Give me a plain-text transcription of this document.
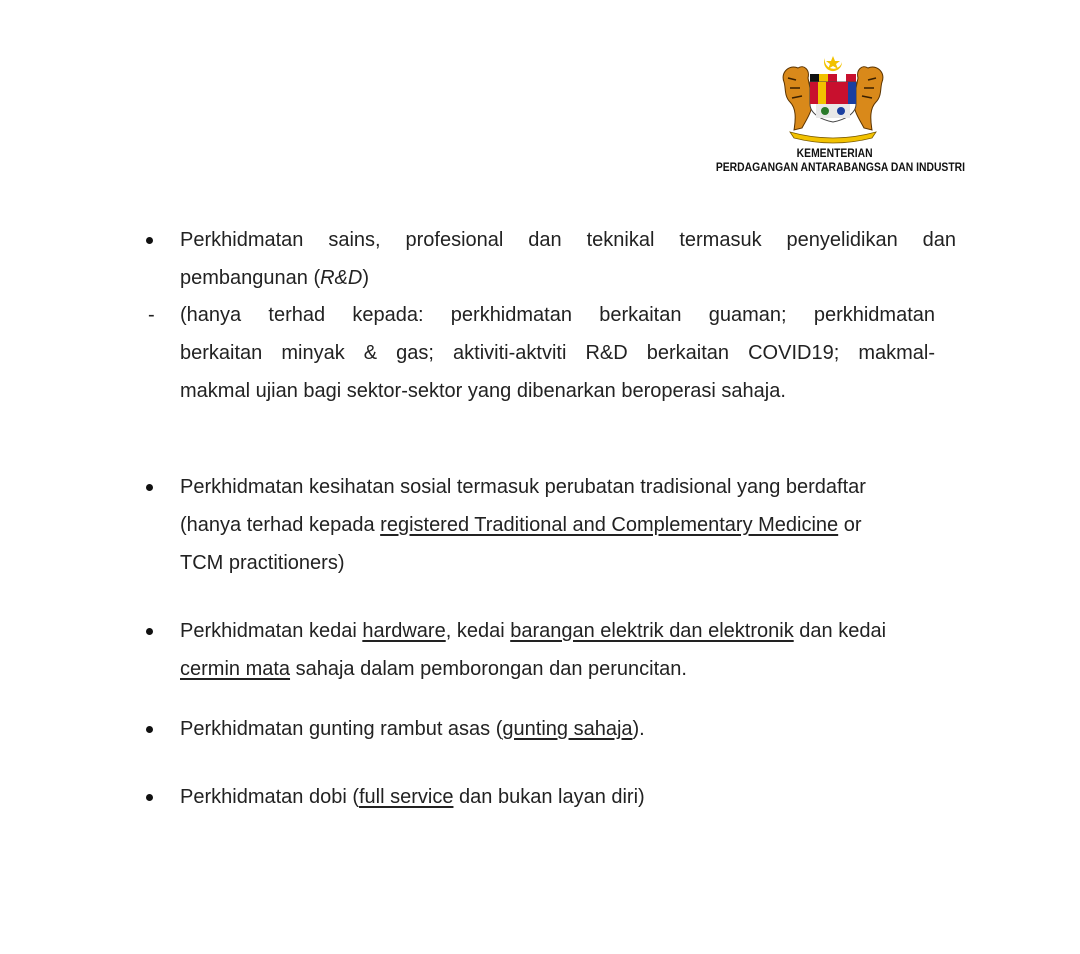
KEMENTERIAN
PERDAGANGAN ANTARABANGSA DAN INDUSTRI
Perkhidmatan sains, profesional dan teknikal termasuk penyelidikan dan
pembangunan (R&D)
- (hanya terhad kepada: perkhidmatan berkaitan guaman; perkhidmatan
berkaitan minyak & gas; aktiviti-aktviti R&D berkaitan COVID19; makmal-
makmal ujian bagi sektor-sektor yang dibenarkan beroperasi sahaja.
Perkhidmatan kesihatan sosial termasuk perubatan tradisional yang berdaftar
(hanya terhad kepada registered Traditional and Complementary Medicine or
TCM practitioners)
Perkhidmatan kedai hardware, kedai barangan elektrik dan elektronik dan kedai
cermin mata sahaja dalam pemborongan dan peruncitan.
Perkhidmatan gunting rambut asas (gunting sahaja).
Perkhidmatan dobi (full service dan bukan layan diri)
